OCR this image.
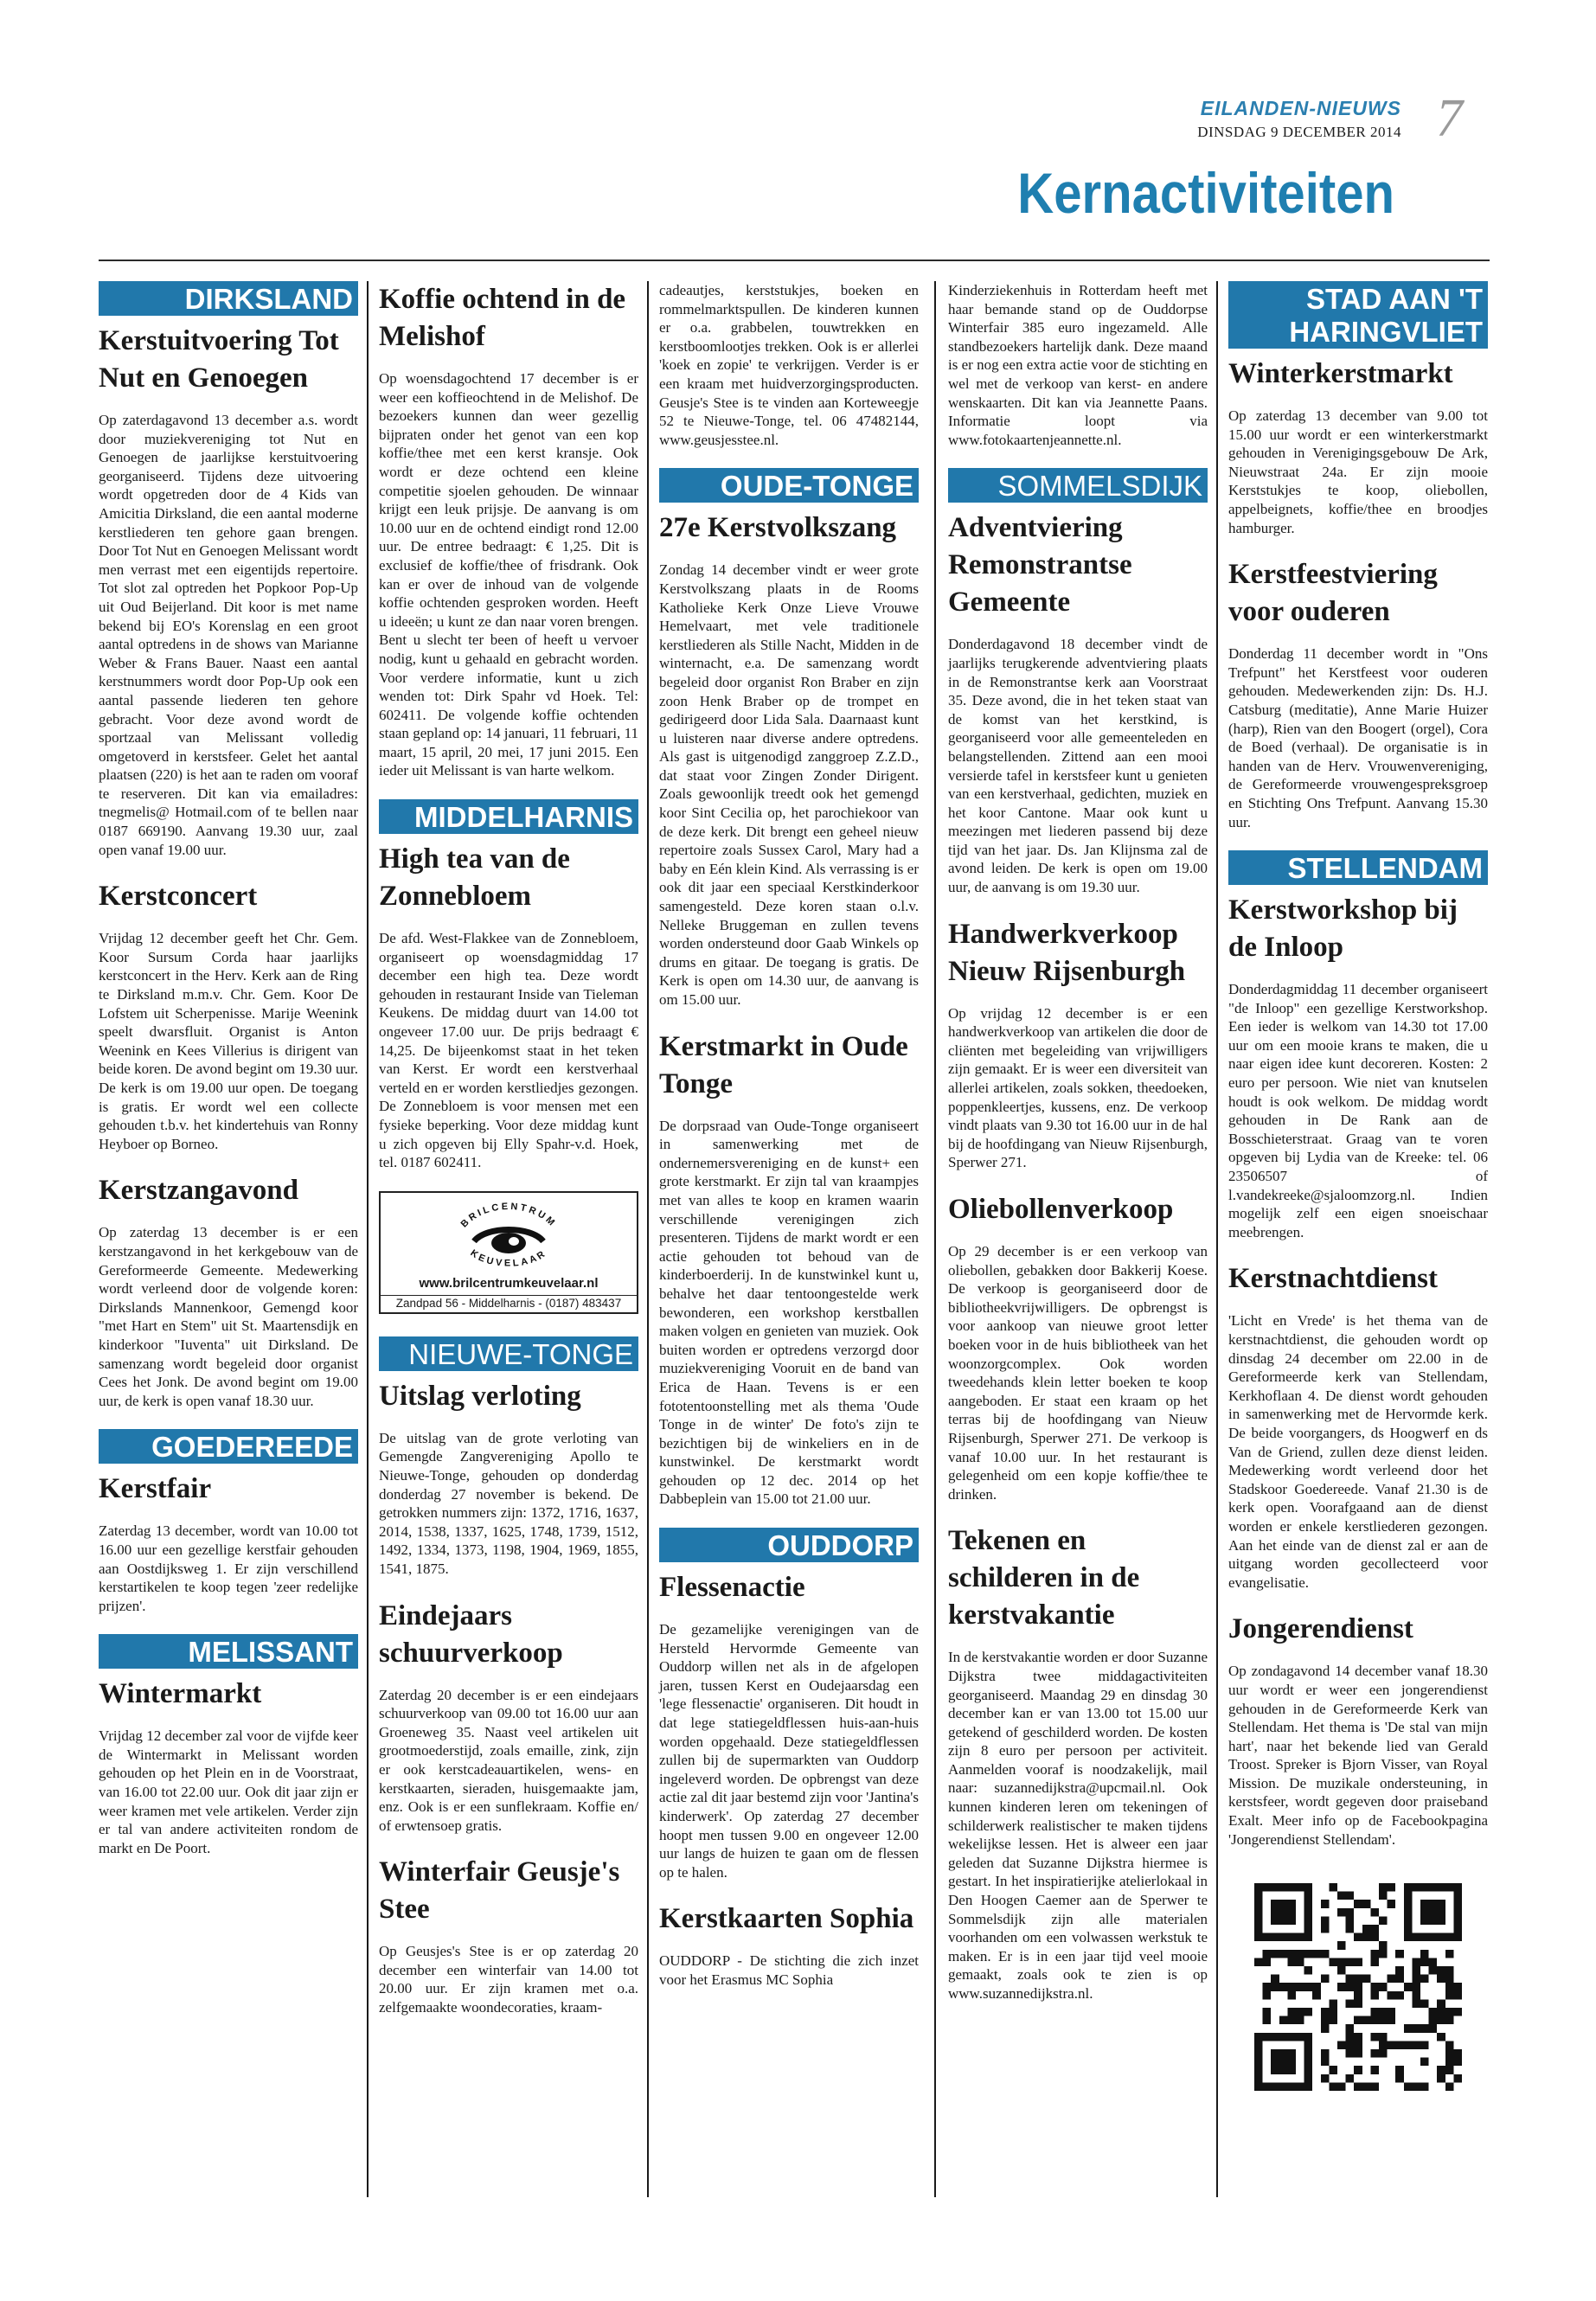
EILANDEN-NIEUWS
DINSDAG 9 DECEMBER 2014 7
Kernactiviteiten
DIRKSLAND
Kerstuitvoering Tot Nut en Genoegen

Op zaterdagavond 13 december a.s. wordt door muziekvereniging tot Nut en Genoegen de jaarlijkse kerstuitvoering georganiseerd. Tijdens deze uitvoering wordt opgetreden door de 4 Kids van Amicitia Dirksland, die een aantal moderne kerstliederen ten gehore gaan brengen. Door Tot Nut en Genoegen Melissant wordt men verrast met een eigentijds repertoire. Tot slot zal optreden het Popkoor Pop-Up uit Oud Beijerland. Dit koor is met name bekend bij EO's Korenslag en een groot aantal optredens in de shows van Marianne Weber & Frans Bauer. Naast een aantal kerstnummers wordt door Pop-Up ook een aantal passende liederen ten gehore gebracht. Voor deze avond wordt de sportzaal van Melissant volledig omgetoverd in kerstsfeer. Gelet het aantal plaatsen (220) is het aan te raden om vooraf te reserveren. Dit kan via emailadres: tnegmelis@ Hotmail.com of te bellen naar 0187 669190. Aanvang 19.30 uur, zaal open vanaf 19.00 uur.

Kerstconcert

Vrijdag 12 december geeft het Chr. Gem. Koor Sursum Corda haar jaarlijks kerstconcert in the Herv. Kerk aan de Ring te Dirksland m.m.v. Chr. Gem. Koor De Lofstem uit Scherpenisse. Marije Weenink speelt dwarsfluit. Organist is Anton Weenink en Kees Villerius is dirigent van beide koren. De avond begint om 19.30 uur. De kerk is om 19.00 uur open. De toegang is gratis. Er wordt wel een collecte gehouden t.b.v. het kindertehuis van Ronny Heyboer op Borneo.

Kerstzangavond

Op zaterdag 13 december is er een kerstzangavond in het kerkgebouw van de Gereformeerde Gemeente. Medewerking wordt verleend door de volgende koren: Dirkslands Mannenkoor, Gemengd koor "met Hart en Stem" uit St. Maartensdijk en kinderkoor "Iuventa" uit Dirksland. De samenzang wordt begeleid door organist Cees het Jonk. De avond begint om 19.00 uur, de kerk is open vanaf 18.30 uur.

GOEDEREEDE
Kerstfair

Zaterdag 13 december, wordt van 10.00 tot 16.00 uur een gezellige kerstfair gehouden aan Oostdijksweg 1. Er zijn verschillend kerstartikelen te koop tegen 'zeer redelijke prijzen'.

MELISSANT
Wintermarkt

Vrijdag 12 december zal voor de vijfde keer de Wintermarkt in Melissant worden gehouden op het Plein en in de Voorstraat, van 16.00 tot 22.00 uur. Ook dit jaar zijn er weer kramen met vele artikelen. Verder zijn er tal van andere activiteiten rondom de markt en De Poort.

Koffie ochtend in de Melishof

Op woensdagochtend 17 december is er weer een koffieochtend in de Melishof. De bezoekers kunnen dan weer gezellig bijpraten onder het genot van een kop koffie/thee met een kerst kransje. Ook wordt er deze ochtend een kleine competitie sjoelen gehouden. De winnaar krijgt een leuk prijsje. De aanvang is om 10.00 uur en de ochtend eindigt rond 12.00 uur. De entree bedraagt: € 1,25. Dit is exclusief de koffie/thee of frisdrank. Ook kan er over de inhoud van de volgende koffie ochtenden gesproken worden. Heeft u ideeën; u kunt ze dan naar voren brengen. Bent u slecht ter been of heeft u vervoer nodig, kunt u gehaald en gebracht worden. Voor verdere informatie, kunt u zich wenden tot: Dirk Spahr vd Hoek. Tel: 602411. De volgende koffie ochtenden staan gepland op: 14 januari, 11 februari, 11 maart, 15 april, 20 mei, 17 juni 2015. Een ieder uit Melissant is van harte welkom.

MIDDELHARNIS
High tea van de Zonnebloem

De afd. West-Flakkee van de Zonnebloem, organiseert op woensdagmiddag 17 december een high tea. Deze wordt gehouden in restaurant Inside van Tieleman Keukens. De middag duurt van 14.00 tot ongeveer 17.00 uur. De prijs bedraagt € 14,25. De bijeenkomst staat in het teken van Kerst. Er wordt een kerstverhaal verteld en er worden kerstliedjes gezongen. De Zonnebloem is voor mensen met een fysieke beperking. Voor deze middag kunt u zich opgeven bij Elly Spahr-v.d. Hoek, tel. 0187 602411.

BRILCENTRUM
KEUVELAAR
www.brilcentrumkeuvelaar.nl
Zandpad 56 - Middelharnis - (0187) 483437
NIEUWE-TONGE
Uitslag verloting

De uitslag van de grote verloting van Gemengde Zangvereniging Apollo te Nieuwe-Tonge, gehouden op donderdag donderdag 27 november is bekend. De getrokken nummers zijn: 1372, 1716, 1637, 2014, 1538, 1337, 1625, 1748, 1739, 1512, 1492, 1334, 1373, 1198, 1904, 1969, 1855, 1541, 1875.

Eindejaars schuurverkoop

Zaterdag 20 december is er een eindejaars schuurverkoop van 09.00 tot 16.00 uur aan Groeneweg 35. Naast veel artikelen uit grootmoederstijd, zoals emaille, zink, zijn er ook kerstcadeauartikelen, wens- en kerstkaarten, sieraden, huisgemaakte jam, enz. Ook is er een sunflekraam. Koffie en/ of erwtensoep gratis.

Winterfair Geusje's Stee

Op Geusjes's Stee is er op zaterdag 20 december een winterfair van 14.00 tot 20.00 uur. Er zijn kramen met o.a. zelfgemaakte woondecoraties, kraam-

cadeautjes, kerststukjes, boeken en rommelmarktspullen. De kinderen kunnen er o.a. grabbelen, touwtrekken en kerstboomlootjes trekken. Ook is er allerlei 'koek en zopie' te verkrijgen. Verder is er een kraam met huidverzorgingsproducten. Geusje's Stee is te vinden aan Korteweegje 52 te Nieuwe-Tonge, tel. 06 47482144, www.geusjesstee.nl.

OUDE-TONGE
27e Kerstvolkszang

Zondag 14 december vindt er weer grote Kerstvolkszang plaats in de Rooms Katholieke Kerk Onze Lieve Vrouwe Hemelvaart, met vele traditionele kerstliederen als Stille Nacht, Midden in de winternacht, e.a. De samenzang wordt begeleid door organist Ron Braber en zijn zoon Henk Braber op de trompet en gedirigeerd door Lida Sala. Daarnaast kunt u luisteren naar diverse andere optredens. Als gast is uitgenodigd zanggroep Z.Z.D., dat staat voor Zingen Zonder Dirigent. Zoals gewoonlijk treedt ook het gemengd koor Sint Cecilia op, het parochiekoor van de deze kerk. Dit brengt een geheel nieuw repertoire zoals Sussex Carol, Mary had a baby en Eén klein Kind. Als verrassing is er ook dit jaar een speciaal Kerstkinderkoor samengesteld. Deze koren staan o.l.v. Nelleke Bruggeman en zullen tevens worden ondersteund door Gaab Winkels op drums en gitaar. De toegang is gratis. De Kerk is open om 14.30 uur, de aanvang is om 15.00 uur.

Kerstmarkt in Oude Tonge

De dorpsraad van Oude-Tonge organiseert in samenwerking met de ondernemersvereniging en de kunst+ een grote kerstmarkt. Er zijn tal van kraampjes met van alles te koop en kramen waarin verschillende verenigingen zich presenteren. Tijdens de markt wordt er een actie gehouden tot behoud van de kinderboerderij. In de kunstwinkel kunt u, behalve het daar tentoongestelde werk bewonderen, een workshop kerstballen maken volgen en genieten van muziek. Ook buiten worden er optredens verzorgd door muziekvereniging Vooruit en de band van Erica de Haan. Tevens is er een fototentoonstelling met als thema 'Oude Tonge in de winter' De foto's zijn te bezichtigen bij de winkeliers en in de kunstwinkel. De kerstmarkt wordt gehouden op 12 dec. 2014 op het Dabbeplein van 15.00 tot 21.00 uur.

OUDDORP
Flessenactie

De gezamelijke verenigingen van de Hersteld Hervormde Gemeente van Ouddorp willen net als in de afgelopen jaren, tussen Kerst en Oudejaarsdag een 'lege flessenactie' organiseren. Dit houdt in dat lege statiegeldflessen huis-aan-huis worden opgehaald. Deze statiegeldflessen zullen bij de supermarkten van Ouddorp ingeleverd worden. De opbrengst van deze actie zal dit jaar bestemd zijn voor 'Jantina's kinderwerk'. Op zaterdag 27 december hoopt men tussen 9.00 en ongeveer 12.00 uur langs de huizen te gaan om de flessen op te halen.

Kerstkaarten Sophia

OUDDORP - De stichting die zich inzet voor het Erasmus MC Sophia

Kinderziekenhuis in Rotterdam heeft met haar bemande stand op de Ouddorpse Winterfair 385 euro ingezameld. Alle standbezoekers hartelijk dank. Deze maand is er nog een extra actie voor de stichting en wel met de verkoop van kerst- en andere wenskaarten. Dit kan via Jeannette Paans. Informatie loopt via www.fotokaartenjeannette.nl.

SOMMELSDIJK
Adventviering Remonstrantse Gemeente

Donderdagavond 18 december vindt de jaarlijks terugkerende adventviering plaats in de Remonstrantse kerk aan Voorstraat 35. Deze avond, die in het teken staat van de komst van het kerstkind, is georganiseerd voor alle gemeenteleden en belangstellenden. Zittend aan een mooi versierde tafel in kerstsfeer kunt u genieten van een kerstverhaal, gedichten, muziek en het koor Cantone. Maar ook kunt u meezingen met liederen passend bij deze tijd van het jaar. Ds. Jan Klijnsma zal de avond leiden. De kerk is open om 19.00 uur, de aanvang is om 19.30 uur.

Handwerkverkoop Nieuw Rijsenburgh

Op vrijdag 12 december is er een handwerkverkoop van artikelen die door de cliënten met begeleiding van vrijwilligers zijn gemaakt. Er is weer een diversiteit van allerlei artikelen, zoals sokken, theedoeken, poppenkleertjes, kussens, enz. De verkoop vindt plaats van 9.30 tot 16.00 uur in de hal bij de hoofdingang van Nieuw Rijsenburgh, Sperwer 271.

Oliebollenverkoop

Op 29 december is er een verkoop van oliebollen, gebakken door Bakkerij Koese. De verkoop is georganiseerd door de bibliotheekvrijwilligers. De opbrengst is voor aankoop van nieuwe groot letter boeken voor in de huis bibliotheek van het woonzorgcomplex. Ook worden tweedehands klein letter boeken te koop aangeboden. Er staat een kraam op het terras bij de hoofdingang van Nieuw Rijsenburgh, Sperwer 271. De verkoop is vanaf 10.00 uur. In het restaurant is gelegenheid om een kopje koffie/thee te drinken.

Tekenen en schilderen in de kerstvakantie

In de kerstvakantie worden er door Suzanne Dijkstra twee middagactiviteiten georganiseerd. Maandag 29 en dinsdag 30 december kan er van 13.00 tot 15.00 uur getekend of geschilderd worden. De kosten zijn 8 euro per persoon per activiteit. Aanmelden vooraf is noodzakelijk, mail naar: suzannedijkstra@upcmail.nl. Ook kunnen kinderen leren om tekeningen of schilderwerk realistischer te maken tijdens wekelijkse lessen. Het is alweer een jaar geleden dat Suzanne Dijkstra hiermee is gestart. In het inspiratierijke atelierlokaal in Den Hoogen Caemer aan de Sperwer te Sommelsdijk zijn alle materialen voorhanden om een volwassen werkstuk te maken. Er is in een jaar tijd veel mooie gemaakt, zoals ook te zien is op www.suzannedijkstra.nl.

STAD AAN 'T
HARINGVLIET
Winterkerstmarkt

Op zaterdag 13 december van 9.00 tot 15.00 uur wordt er een winterkerstmarkt gehouden in Verenigingsgebouw De Ark, Nieuwstraat 24a. Er zijn mooie Kerststukjes te koop, oliebollen, appelbeignets, koffie/thee en broodjes hamburger.

Kerstfeestviering voor ouderen

Donderdag 11 december wordt in "Ons Trefpunt" het Kerstfeest voor ouderen gehouden. Medewerkenden zijn: Ds. H.J. Catsburg (meditatie), Anne Marie Huizer (harp), Rien van den Boogert (orgel), Cora de Boed (verhaal). De organisatie is in handen van de Herv. Vrouwenvereniging, de Gereformeerde vrouwengespreksgroep en Stichting Ons Trefpunt. Aanvang 15.30 uur.

STELLENDAM
Kerstworkshop bij de Inloop

Donderdagmiddag 11 december organiseert "de Inloop" een gezellige Kerstworkshop. Een ieder is welkom van 14.30 tot 17.00 uur om een mooie krans te maken, die u naar eigen idee kunt decoreren. Kosten: 2 euro per persoon. Wie niet van knutselen houdt is ook welkom. De middag wordt gehouden in De Rank aan de Bosschieterstraat. Graag van te voren opgeven bij Lydia van de Kreeke: tel. 06 23506507 of l.vandekreeke@sjaloomzorg.nl. Indien mogelijk zelf een eigen snoeischaar meebrengen.

Kerstnachtdienst

'Licht en Vrede' is het thema van de kerstnachtdienst, die gehouden wordt op dinsdag 24 december om 22.00 in de Gereformeerde kerk van Stellendam, Kerkhoflaan 4. De dienst wordt gehouden in samenwerking met de Hervormde kerk. De beide voorgangers, ds Hoogwerf en ds Van de Griend, zullen deze dienst leiden. Medewerking wordt verleend door het Stadskoor Goedereede. Vanaf 21.30 is de kerk open. Voorafgaand aan de dienst worden er enkele kerstliederen gezongen. Aan het einde van de dienst zal er aan de uitgang worden gecollecteerd voor evangelisatie.

Jongerendienst

Op zondagavond 14 december vanaf 18.30 uur wordt er weer een jongerendienst gehouden in de Gereformeerde Kerk van Stellendam. Het thema is 'De stal van mijn hart', naar het bekende lied van Gerald Troost. Spreker is Bjorn Visser, van Royal Mission. De muzikale ondersteuning, in kerstsfeer, wordt gegeven door praiseband Exalt. Meer info op de Facebookpagina 'Jongerendienst Stellendam'.
